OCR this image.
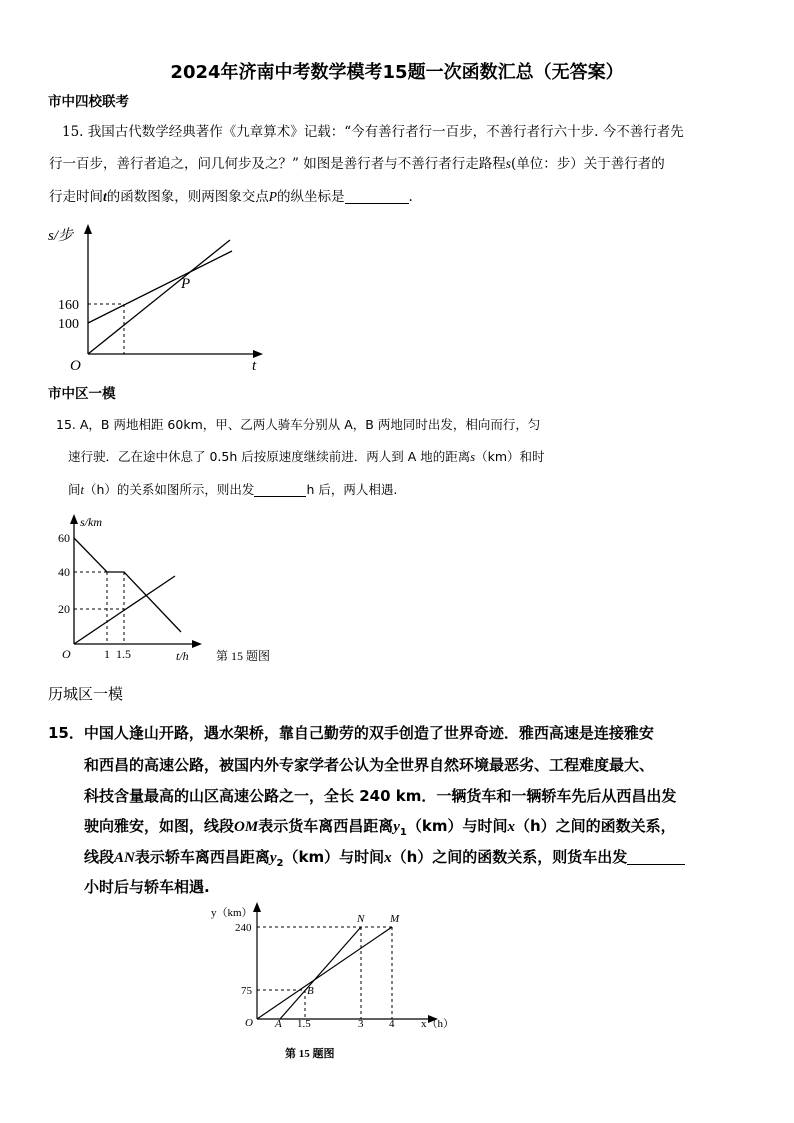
2024年济南中考数学模考15题一次函数汇总（无答案）
市中四校联考
15. 我国古代数学经典著作《九章算术》记载：“今有善行者行一百步，不善行者行六十步. 今不善行者先
行一百步，善行者追之，问几何步及之？” 如图是善行者与不善行者行走路程s(单位：步）关于善行者的
行走时间t的函数图象，则两图象交点P的纵坐标是	.
s/步
t
O
160
100
P
市中区一模
15. A，B 两地相距 60km，甲、乙两人骑车分别从 A，B 两地同时出发，相向而行，匀
速行驶．乙在途中休息了 0.5h 后按原速度继续前进．两人到 A 地的距离s（km）和时
间t（h）的关系如图所示，则出发	h 后，两人相遇.
s/km
t/h
O
60
40
20
1 1.5	第 15 题图
历城区一模
15．中国人逢山开路，遇水架桥，靠自己勤劳的双手创造了世界奇迹．雅西高速是连接雅安
和西昌的高速公路，被国内外专家学者公认为全世界自然环境最恶劣、工程难度最大、
科技含量最高的山区高速公路之一，全长 240 km．一辆货车和一辆轿车先后从西昌出发
驶向雅安，如图，线段OM表示货车离西昌距离$y_1(km)$与时间x（h）之间的函数关系，
线段AN表示轿车离西昌距离$y_2(km)$与时间x（h）之间的函数关系，则货车出发
小时后与轿车相遇.
y（km）
x（h）
O
240
75
1.5	3 4
A
B
N M
第 15 题图
